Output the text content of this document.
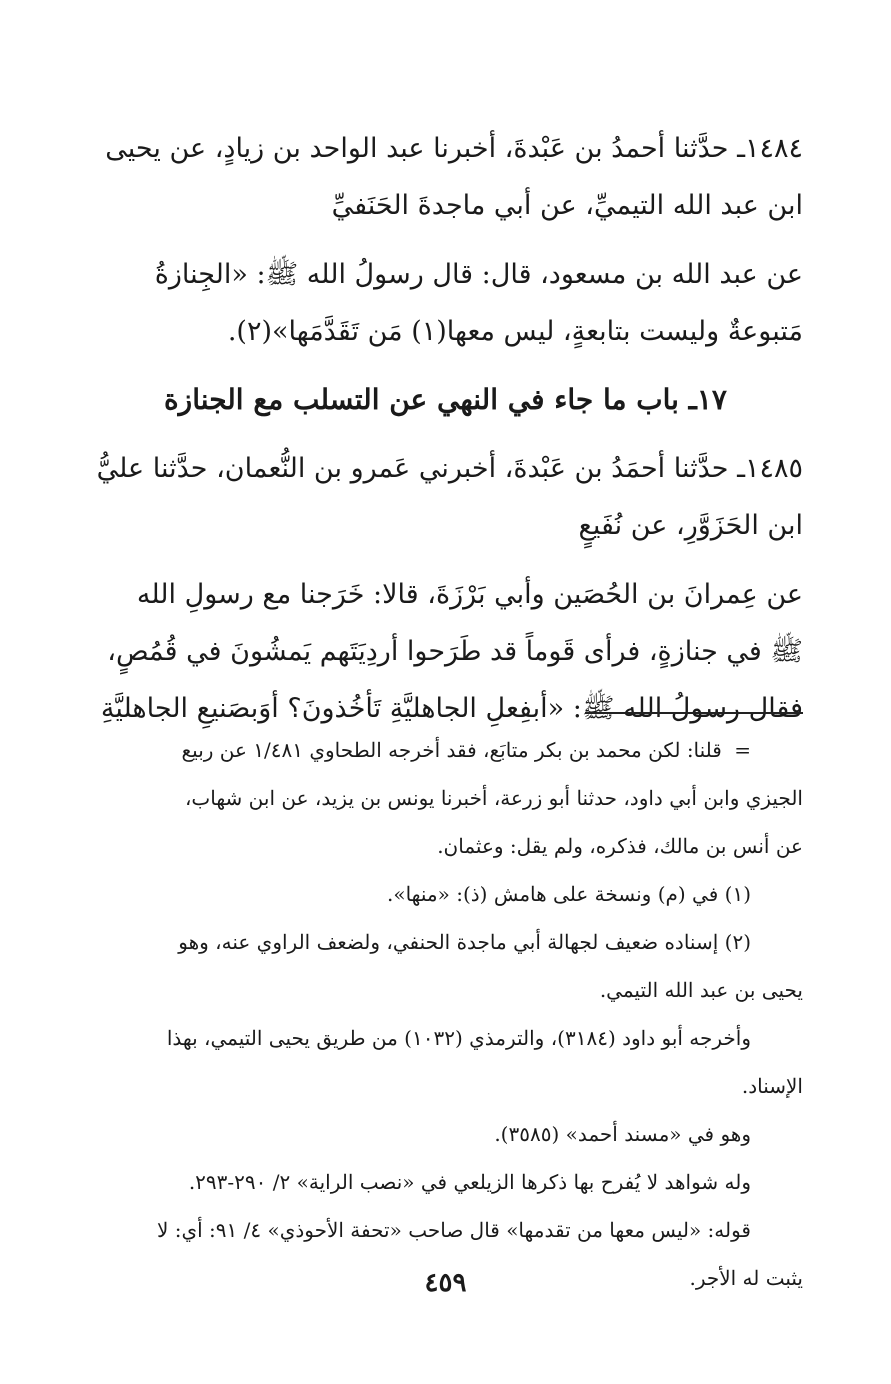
١٤٨٤ـ حدَّثنا أحمدُ بن عَبْدةَ، أخبرنا عبد الواحد بن زيادٍ، عن يحيى
ابن عبد الله التيميِّ، عن أبي ماجدةَ الحَنَفيِّ

عن عبد الله بن مسعود، قال: قال رسولُ الله ﷺ: «الجِنازةُ
مَتبوعةٌ وليست بتابعةٍ، ليس معها(١) مَن تَقَدَّمَها»(٢).

١٧ـ باب ما جاء في النهي عن التسلب مع الجنازة

١٤٨٥ـ حدَّثنا أحمَدُ بن عَبْدةَ، أخبرني عَمرو بن النُّعمان، حدَّثنا عليُّ
ابن الحَزَوَّرِ، عن نُفَيعٍ

عن عِمرانَ بن الحُصَين وأبي بَرْزَةَ، قالا: خَرَجنا مع رسولِ الله
ﷺ في جنازةٍ، فرأى قَوماً قد طَرَحوا أردِيَتَهم يَمشُونَ في قُمُصٍ،
فقال رسولُ الله ﷺ: «أبفِعلِ الجاهليَّةِ تَأخُذونَ؟ أوَبصَنيعِ الجاهليَّةِ

= قلنا: لكن محمد بن بكر متابَع، فقد أخرجه الطحاوي ١/٤٨١ عن ربيع

الجيزي وابن أبي داود، حدثنا أبو زرعة، أخبرنا يونس بن يزيد، عن ابن شهاب،

عن أنس بن مالك، فذكره، ولم يقل: وعثمان.

(١) في (م) ونسخة على هامش (ذ): «منها».

(٢) إسناده ضعيف لجهالة أبي ماجدة الحنفي، ولضعف الراوي عنه، وهو

يحيى بن عبد الله التيمي.

وأخرجه أبو داود (٣١٨٤)، والترمذي (١٠٣٢) من طريق يحيى التيمي، بهذا

الإسناد.

وهو في «مسند أحمد» (٣٥٨٥).

وله شواهد لا يُفرح بها ذكرها الزيلعي في «نصب الراية» ٢/ ٢٩٠-٢٩٣.

قوله: «ليس معها من تقدمها» قال صاحب «تحفة الأحوذي» ٤/ ٩١: أي: لا

يثبت له الأجر.

٤٥٩
